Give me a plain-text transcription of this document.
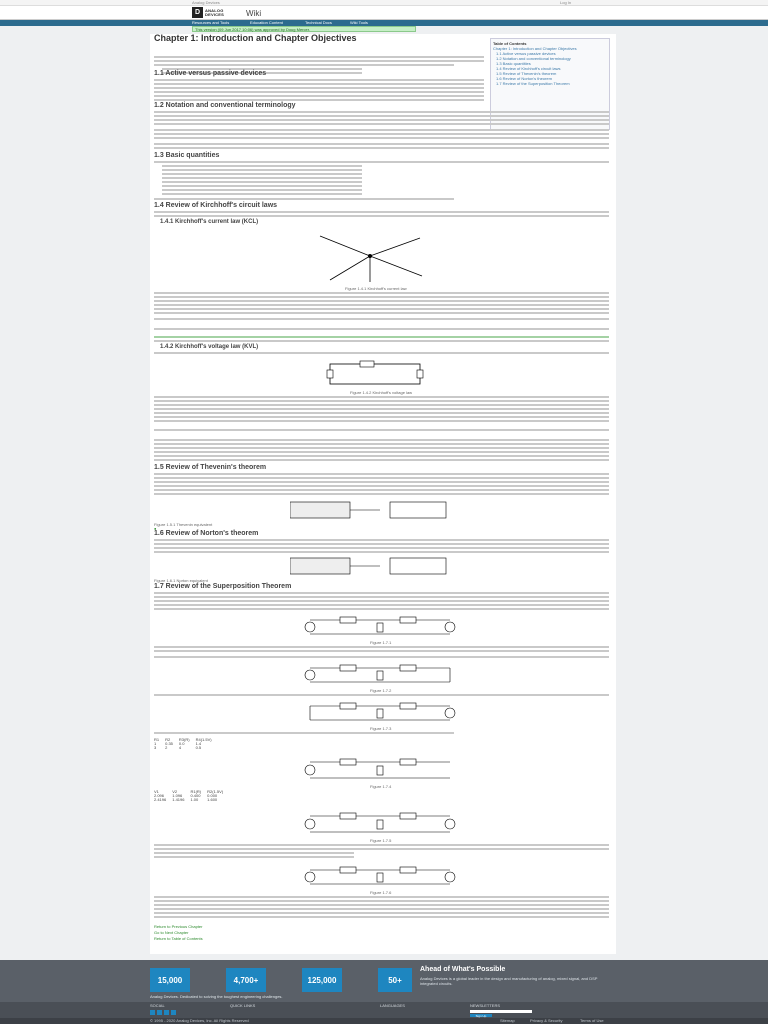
Analog Devices	Log In
D	ANALOG
DEVICES	Wiki
Resources and Tools	Education Content	Technical Docs	Wiki Tools
This version (09 Jun 2017 10:06) was approved by Doug Mercer.
Chapter 1: Introduction and Chapter Objectives
Table of Contents
Chapter 1: Introduction and Chapter Objectives
1.1 Active versus passive devices
1.2 Notation and conventional terminology
1.3 Basic quantities
1.4 Review of Kirchhoff's circuit laws
1.5 Review of Thevenin's theorem
1.6 Review of Norton's theorem
1.7 Review of the Superposition Theorem
1.1 Active versus passive devices
1.2 Notation and conventional terminology
1.3 Basic quantities
1.4 Review of Kirchhoff's circuit laws
1.4.1 Kirchhoff's current law (KCL)
Figure 1.4.1 Kirchhoff's current law
1.4.2 Kirchhoff's voltage law (KVL)
Figure 1.4.2 Kirchhoff's voltage law
1.5 Review of Thevenin's theorem
Figure 1.5.1 Thevenin equivalent
●
1.6 Review of Norton's theorem
Figure 1.6.1 Norton equivalent
1.7 Review of the Superposition Theorem
Figure 1.7.1
Figure 1.7.2
Figure 1.7.3
R1	R2	R3(R)	R4(1.5V)
1	0.35	0.0	1.4
3	2	4	0.5
Figure 1.7.4
V1	V2	R1(R)	R2(1.5V)
2.096	1.096	0.400	0.000
2.4196	1.4196	1.00	1.600
Figure 1.7.5
Figure 1.7.6
Return to Previous Chapter
Go to Next Chapter
Return to Table of Contents
15,000	4,700+	125,000	50+
Analog Devices. Dedicated to solving the toughest engineering challenges.
Ahead of What's Possible
Analog Devices is a global leader in the design and manufacturing of analog, mixed signal, and DSP integrated circuits.
SOCIAL	QUICK LINKS	LANGUAGES	NEWSLETTERS
Sign Up
© 1995 - 2020 Analog Devices, Inc. All Rights Reserved	Sitemap	Privacy & Security	Terms of Use
